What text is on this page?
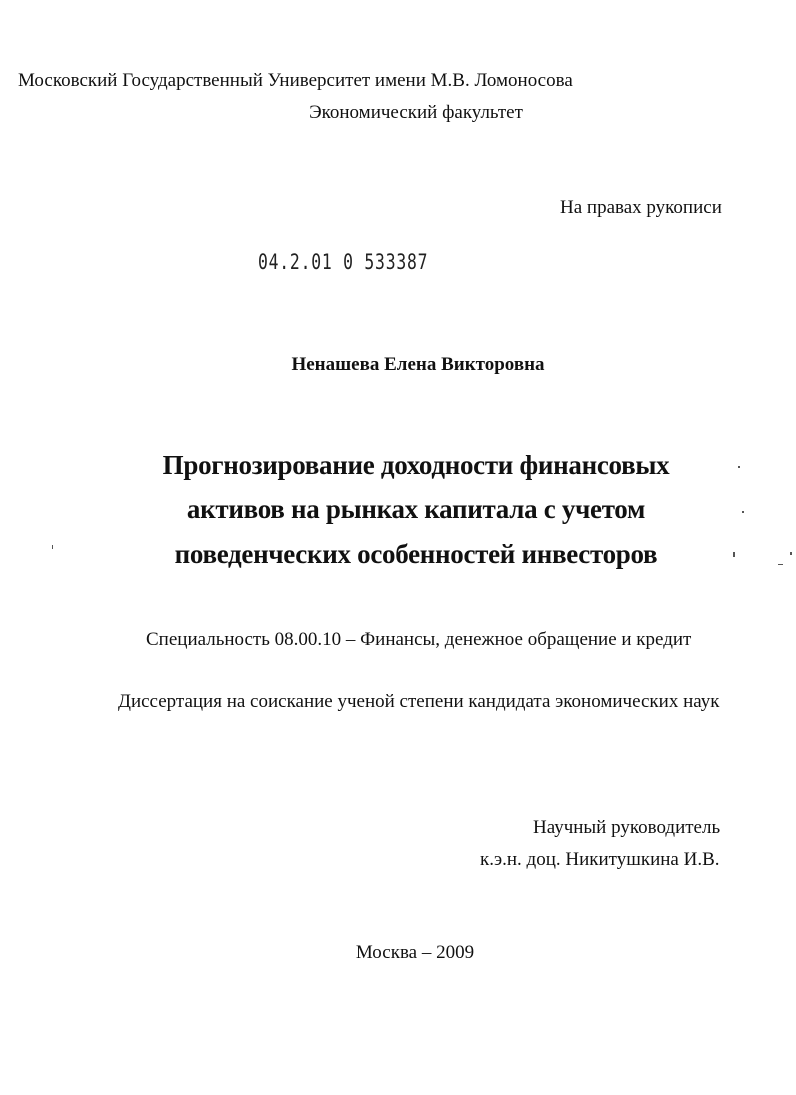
Московский Государственный Университет имени М.В. Ломоносова
Экономический факультет
На правах рукописи
04.2.01 0 533387
Ненашева Елена Викторовна
Прогнозирование доходности финансовых
активов на рынках капитала с учетом
поведенческих особенностей инвесторов
Специальность 08.00.10 – Финансы, денежное обращение и кредит
Диссертация на соискание ученой степени кандидата экономических наук
Научный руководитель
к.э.н. доц. Никитушкина И.В.
Москва – 2009
